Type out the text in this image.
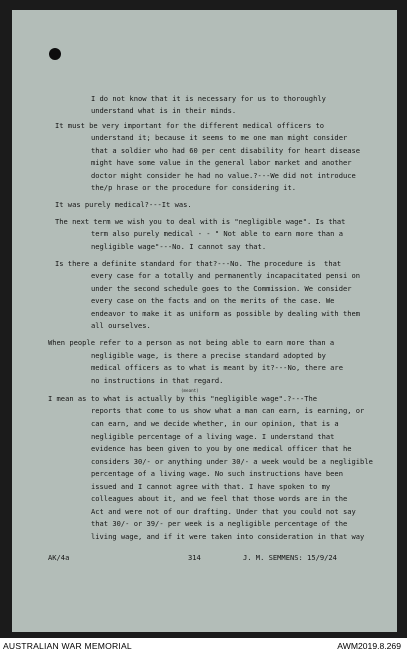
I do not know that it is necessary for us to thoroughly
understand what is in their minds.
It must be very important for the different medical officers to
understand it; because it seems to me one man might consider
that a soldier who had 60 per cent disability for heart disease
might have some value in the general labor market and another
doctor might consider he had no value.?---We did not introduce
the/p hrase or the procedure for considering it.
It was purely medical?---It was.
The next term we wish you to deal with is "negligible wage". Is that
term also purely medical - - " Not able to earn more than a
negligible wage"---No. I cannot say that.
Is there a definite standard for that?---No. The procedure is  that
every case for a totally and permanently incapacitated pensi on
under the second schedule goes to the Commission. We consider
every case on the facts and on the merits of the case. We
endeavor to make it as uniform as possible by dealing with them
all ourselves.
When people refer to a person as not being able to earn more than a
negligible wage, is there a precise standard adopted by
medical officers as to what is meant by it?---No, there are
no instructions in that regard.
(meant)
I mean as to what is actually by this "negligible wage".?---The
reports that come to us show what a man can earn, is earning, or
can earn, and we decide whether, in our opinion, that is a
negligible percentage of a living wage. I understand that
evidence has been given to you by one medical officer that he
considers 30/- or anything under 30/- a week would be a negligible
percentage of a living wage. No such instructions have been
issued and I cannot agree with that. I have spoken to my
colleagues about it, and we feel that those words are in the
Act and were not of our drafting. Under that you could not say
that 30/- or 39/- per week is a negligible percentage of the
living wage, and if it were taken into consideration in that way
AK/4a	314	J. M. SEMMENS: 15/9/24
AUSTRALIAN WAR MEMORIAL	AWM2019.8.269
